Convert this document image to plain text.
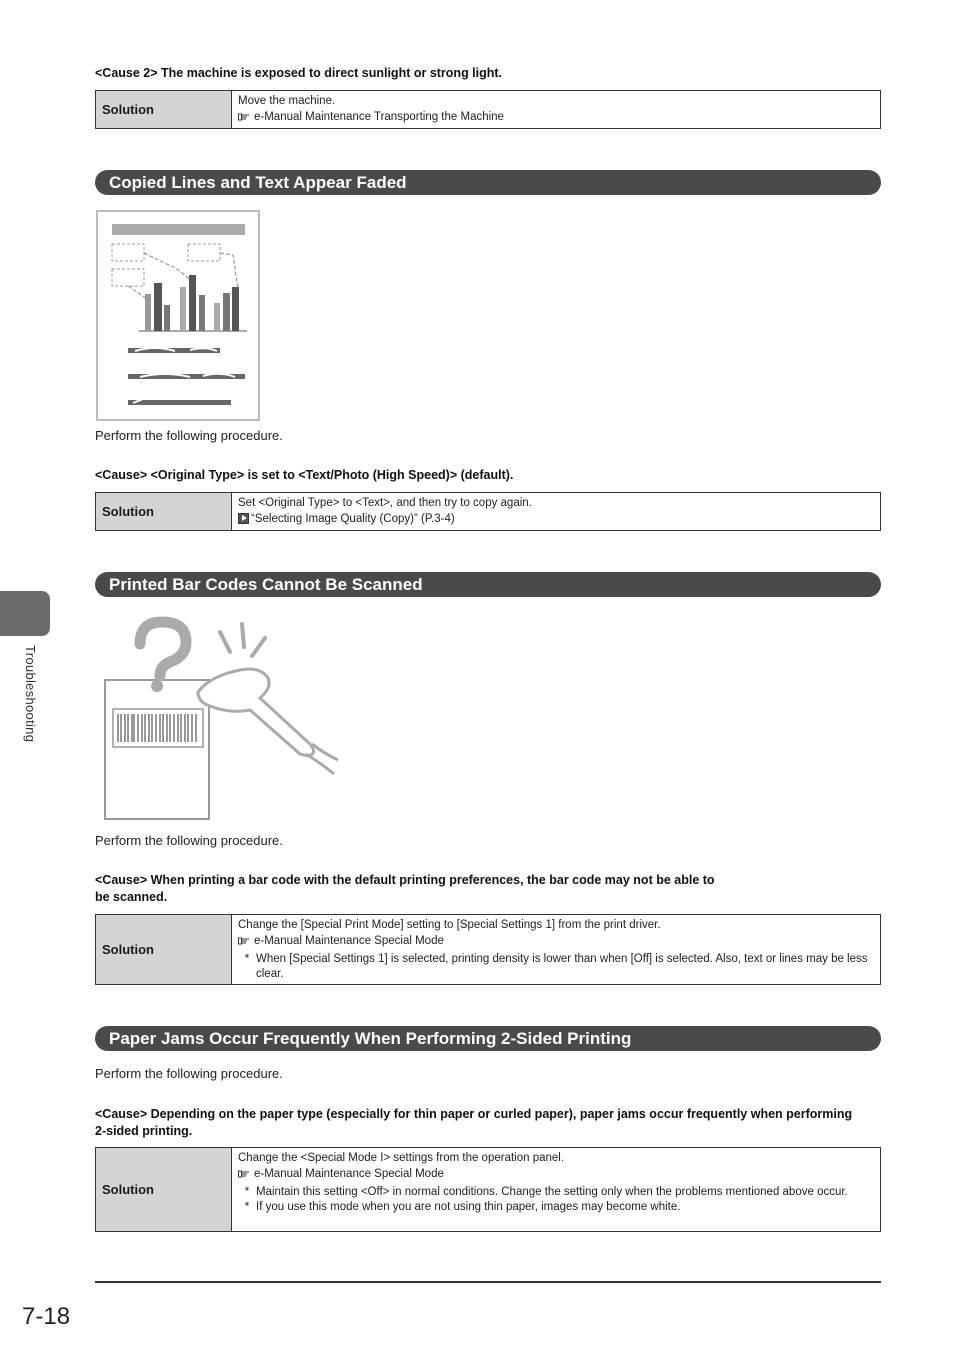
<Cause 2> The machine is exposed to direct sunlight or strong light.
Solution
Move the machine.
e-Manual Maintenance Transporting the Machine
Copied Lines and Text Appear Faded
Perform the following procedure.
<Cause> <Original Type> is set to <Text/Photo (High Speed)> (default).
Solution
Set <Original Type> to <Text>, and then try to copy again.
“Selecting Image Quality (Copy)” (P.3-4)
Printed Bar Codes Cannot Be Scanned
Perform the following procedure.
<Cause> When printing a bar code with the default printing preferences, the bar code may not be able to
be scanned.
Solution
Change the [Special Print Mode] setting to [Special Settings 1] from the print driver.
e-Manual Maintenance Special Mode
* When [Special Settings 1] is selected, printing density is lower than when [Off] is selected. Also, text or lines may be less clear.
Paper Jams Occur Frequently When Performing 2-Sided Printing
Perform the following procedure.
<Cause> Depending on the paper type (especially for thin paper or curled paper), paper jams occur frequently when performing 2-sided printing.
Solution
Change the <Special Mode I> settings from the operation panel.
e-Manual Maintenance Special Mode
* Maintain this setting <Off> in normal conditions. Change the setting only when the problems mentioned above occur.
* If you use this mode when you are not using thin paper, images may become white.
Troubleshooting
7-18
